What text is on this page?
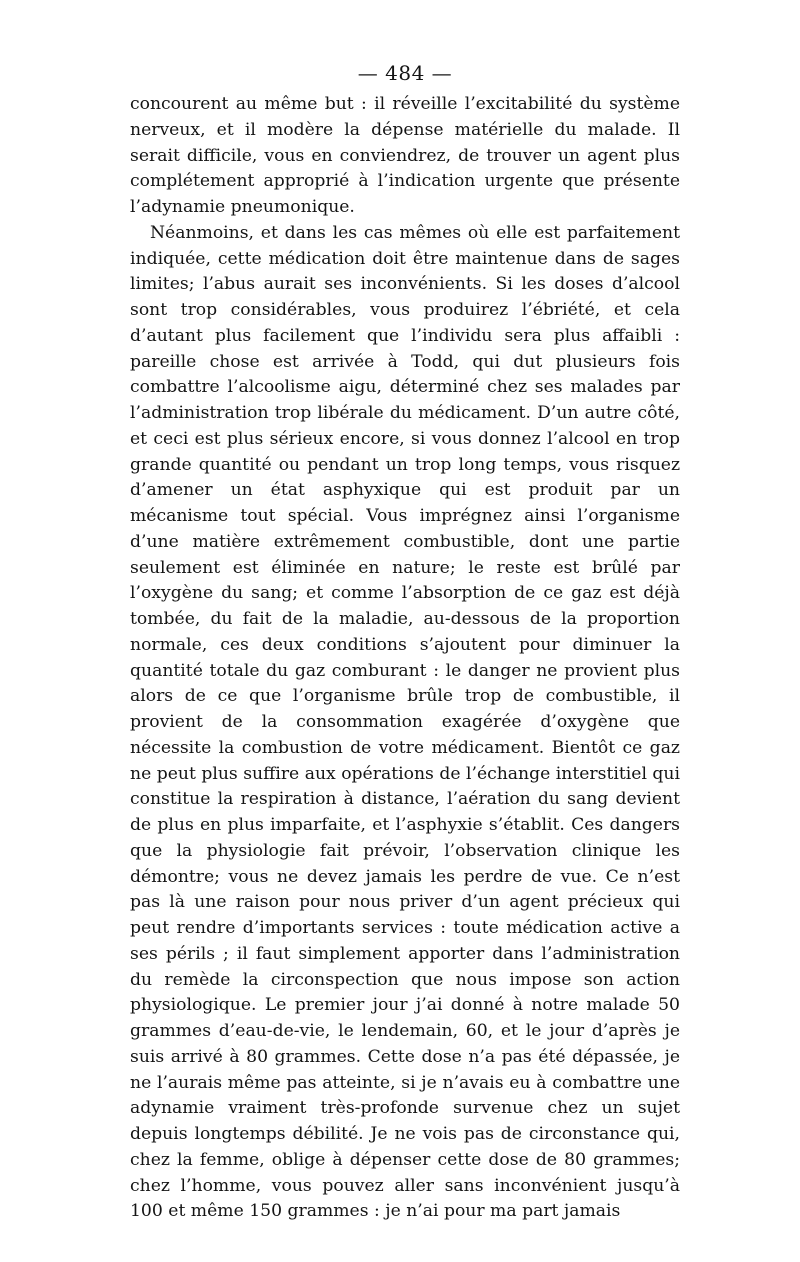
— 484 —

concourent au même but : il réveille l’excitabilité du système nerveux, et il modère la dépense matérielle du malade. Il serait difficile, vous en conviendrez, de trouver un agent plus complétement approprié à l’indication urgente que présente l’adynamie pneumonique.

Néanmoins, et dans les cas mêmes où elle est parfaitement indiquée, cette médication doit être maintenue dans de sages limites; l’abus aurait ses inconvénients. Si les doses d’alcool sont trop considérables, vous produirez l’ébriété, et cela d’autant plus facilement que l’individu sera plus affaibli : pareille chose est arrivée à Todd, qui dut plusieurs fois combattre l’alcoolisme aigu, déterminé chez ses malades par l’administration trop libérale du médicament. D’un autre côté, et ceci est plus sérieux encore, si vous donnez l’alcool en trop grande quantité ou pendant un trop long temps, vous risquez d’amener un état asphyxique qui est produit par un mécanisme tout spécial. Vous imprégnez ainsi l’organisme d’une matière extrêmement combustible, dont une partie seulement est éliminée en nature; le reste est brûlé par l’oxygène du sang; et comme l’absorption de ce gaz est déjà tombée, du fait de la maladie, au-dessous de la proportion normale, ces deux conditions s’ajoutent pour diminuer la quantité totale du gaz comburant : le danger ne provient plus alors de ce que l’organisme brûle trop de combustible, il provient de la consommation exagérée d’oxygène que nécessite la combustion de votre médicament. Bientôt ce gaz ne peut plus suffire aux opérations de l’échange interstitiel qui constitue la respiration à distance, l’aération du sang devient de plus en plus imparfaite, et l’asphyxie s’établit. Ces dangers que la physiologie fait prévoir, l’observation clinique les démontre; vous ne devez jamais les perdre de vue. Ce n’est pas là une raison pour nous priver d’un agent précieux qui peut rendre d’importants services : toute médication active a ses périls ; il faut simplement apporter dans l’administration du remède la circonspection que nous impose son action physiologique. Le premier jour j’ai donné à notre malade 50 grammes d’eau-de-vie, le lendemain, 60, et le jour d’après je suis arrivé à 80 grammes. Cette dose n’a pas été dépassée, je ne l’aurais même pas atteinte, si je n’avais eu à combattre une adynamie vraiment très-profonde survenue chez un sujet depuis longtemps débilité. Je ne vois pas de circonstance qui, chez la femme, oblige à dépenser cette dose de 80 grammes; chez l’homme, vous pouvez aller sans inconvénient jusqu’à 100 et même 150 grammes : je n’ai pour ma part jamais
